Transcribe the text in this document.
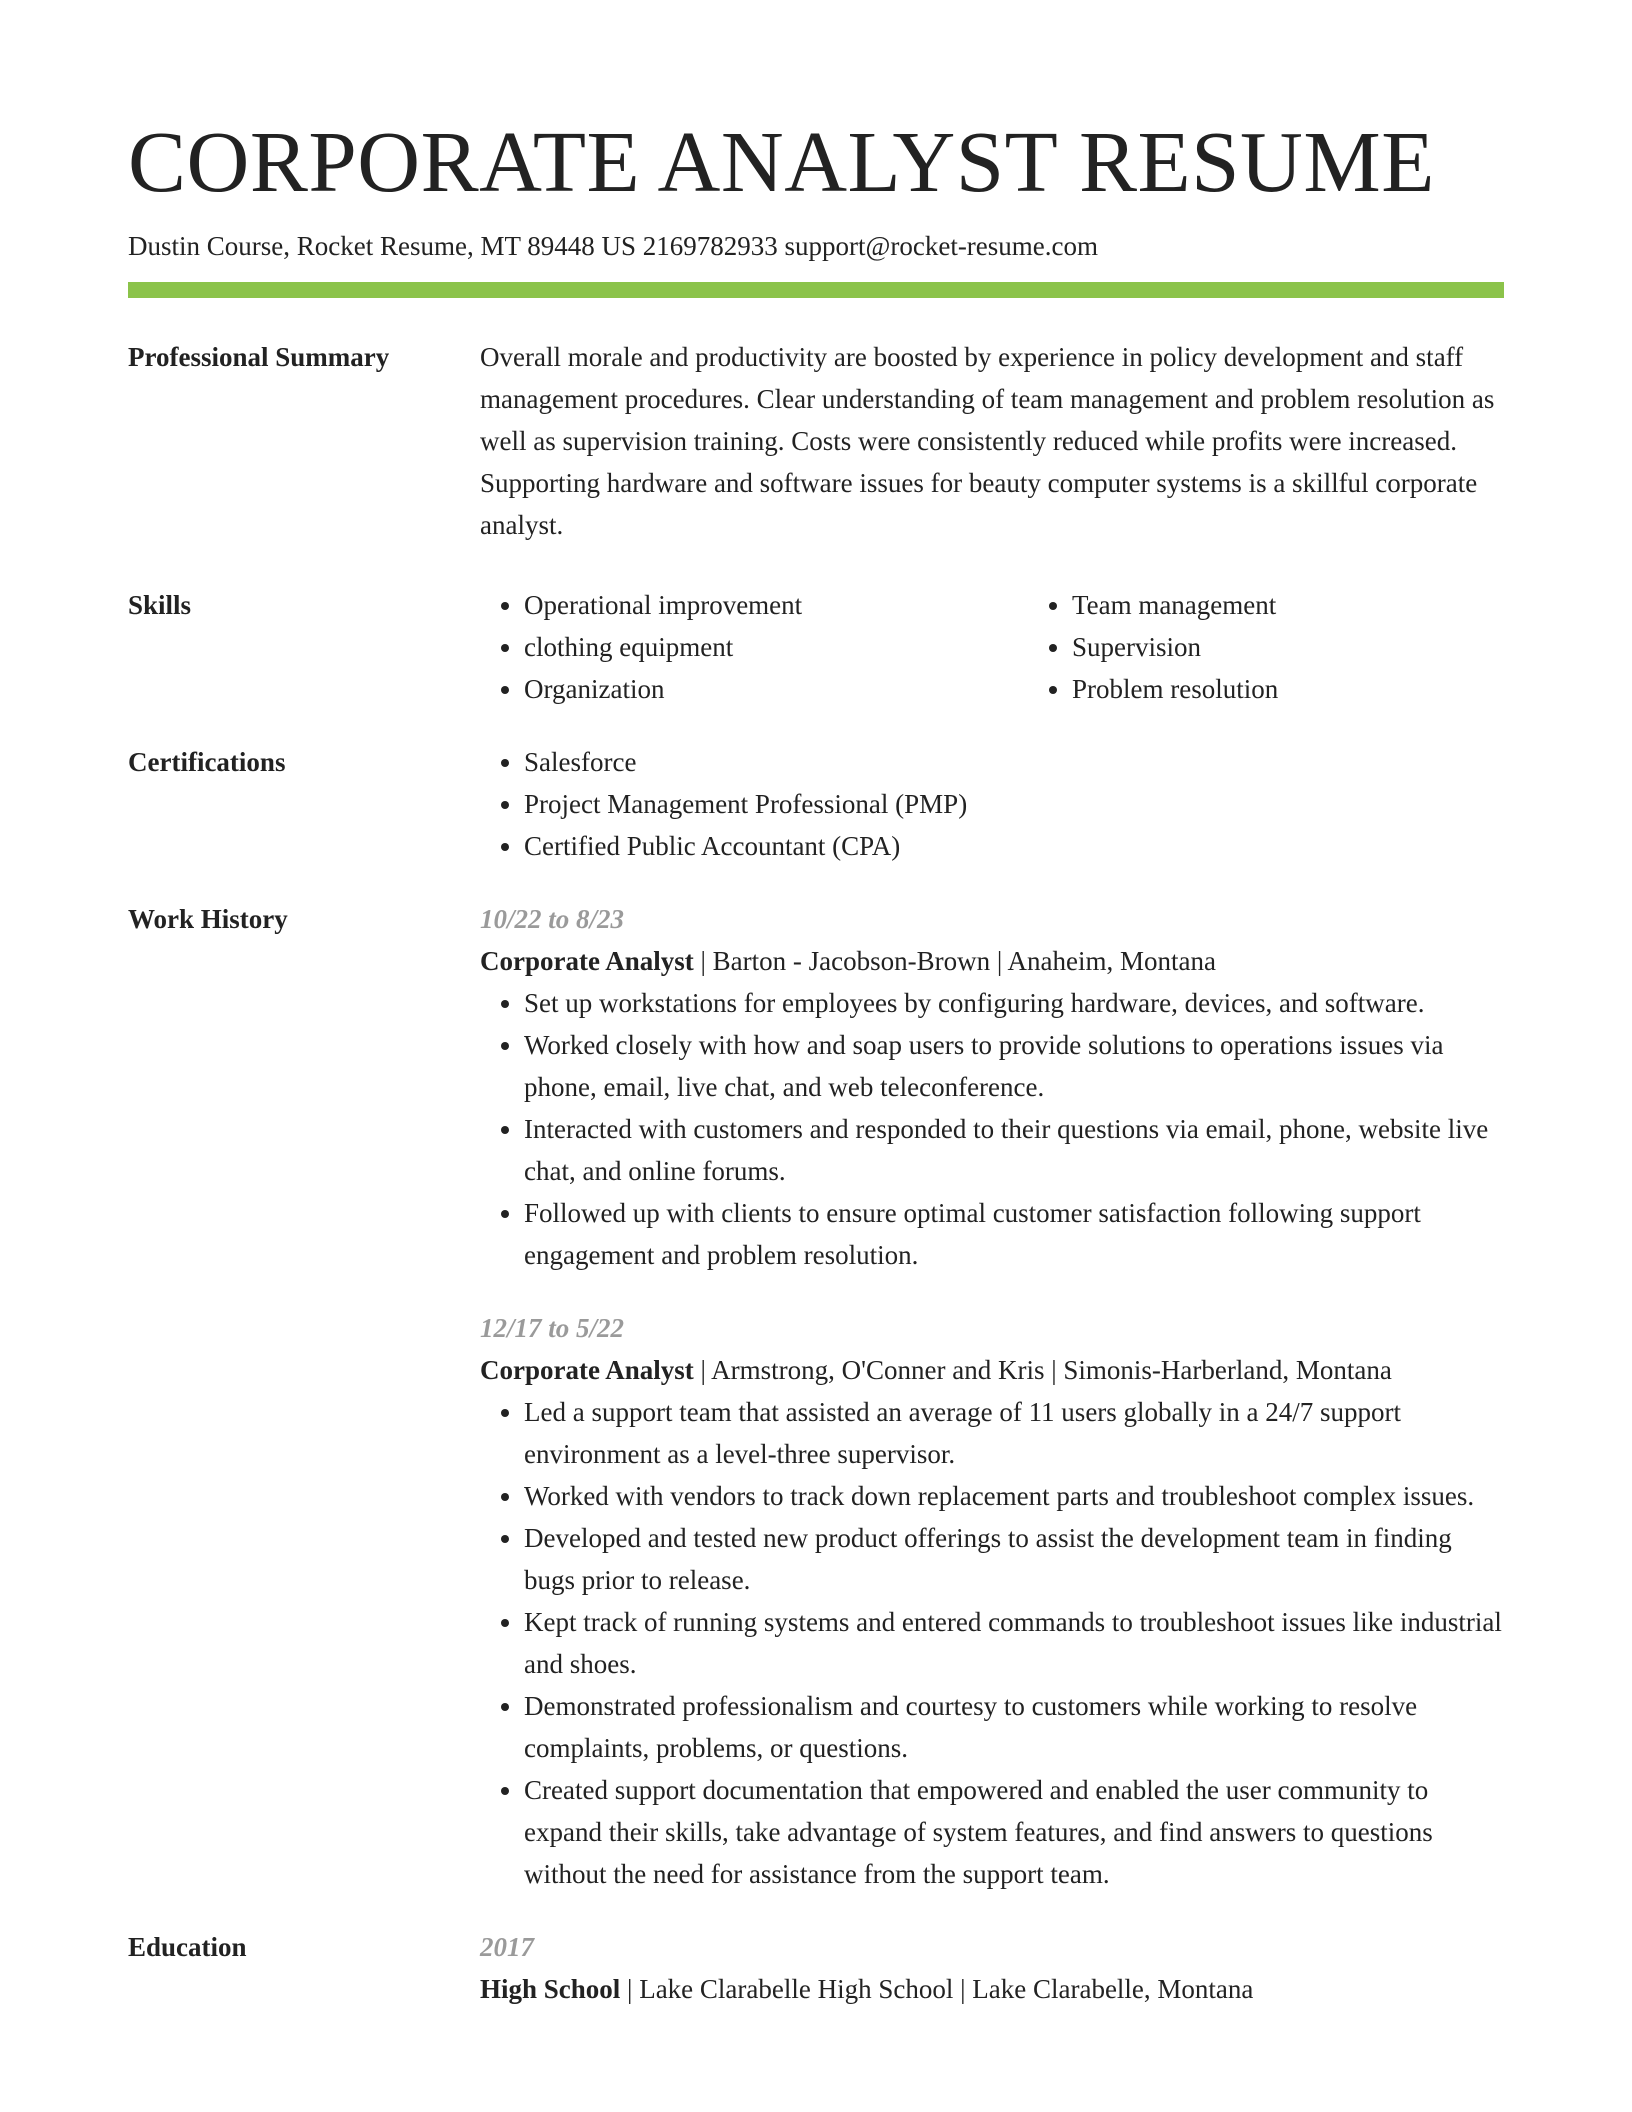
CORPORATE ANALYST RESUME
Dustin Course, Rocket Resume, MT 89448 US 2169782933 support@rocket-resume.com
Professional Summary	Overall morale and productivity are boosted by experience in policy development and staff management procedures. Clear understanding of team management and problem resolution as well as supervision training. Costs were consistently reduced while profits were increased. Supporting hardware and software issues for beauty computer systems is a skillful corporate analyst.
Skills	• Operational improvement
• clothing equipment
• Organization
• Team management
• Supervision
• Problem resolution
Certifications	• Salesforce
• Project Management Professional (PMP)
• Certified Public Accountant (CPA)
Work History	10/22 to 8/23
Corporate Analyst | Barton - Jacobson-Brown | Anaheim, Montana
• Set up workstations for employees by configuring hardware, devices, and software.
• Worked closely with how and soap users to provide solutions to operations issues via phone, email, live chat, and web teleconference.
• Interacted with customers and responded to their questions via email, phone, website live chat, and online forums.
• Followed up with clients to ensure optimal customer satisfaction following support engagement and problem resolution.
12/17 to 5/22
Corporate Analyst | Armstrong, O'Conner and Kris | Simonis-Harberland, Montana
• Led a support team that assisted an average of 11 users globally in a 24/7 support environment as a level-three supervisor.
• Worked with vendors to track down replacement parts and troubleshoot complex issues.
• Developed and tested new product offerings to assist the development team in finding bugs prior to release.
• Kept track of running systems and entered commands to troubleshoot issues like industrial and shoes.
• Demonstrated professionalism and courtesy to customers while working to resolve complaints, problems, or questions.
• Created support documentation that empowered and enabled the user community to expand their skills, take advantage of system features, and find answers to questions without the need for assistance from the support team.
Education	2017
High School | Lake Clarabelle High School | Lake Clarabelle, Montana
